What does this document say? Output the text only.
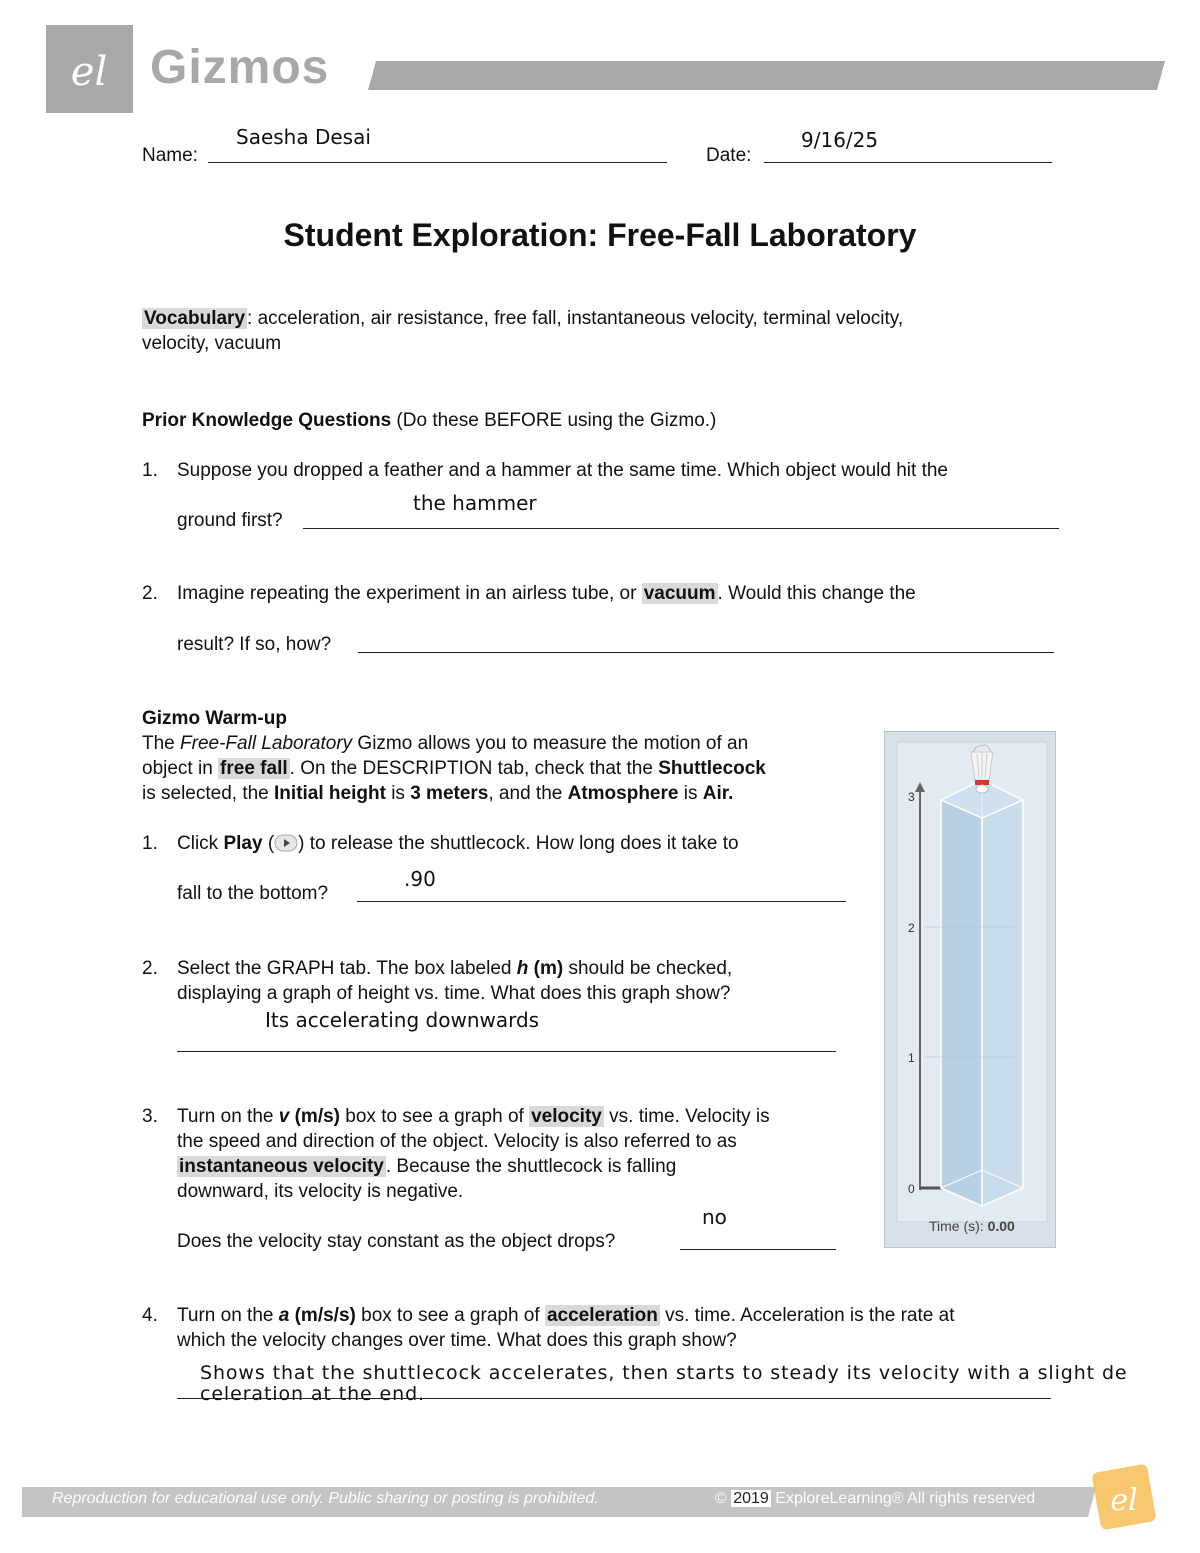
el Gizmos
Name:
Saesha Desai
Date:
9/16/25
Student Exploration: Free-Fall Laboratory
Vocabulary : acceleration, air resistance, free fall, instantaneous velocity, terminal velocity,
velocity, vacuum
Prior Knowledge Questions (Do these BEFORE using the Gizmo.)
1. Suppose you dropped a feather and a hammer at the same time. Which object would hit the
ground first?
the hammer
2. Imagine repeating the experiment in an airless tube, or vacuum . Would this change the
result? If so, how?
Gizmo Warm-up
The Free-Fall Laboratory Gizmo allows you to measure the motion of an
object in free fall . On the DESCRIPTION tab, check that the Shuttlecock
is selected, the Initial height is 3 meters, and the Atmosphere is Air.
1. Click Play ( ) to release the shuttlecock. How long does it take to
fall to the bottom?
.90
2. Select the GRAPH tab. The box labeled h (m) should be checked,
displaying a graph of height vs. time. What does this graph show?
Its accelerating downwards
3. Turn on the v (m/s) box to see a graph of velocity vs. time. Velocity is
the speed and direction of the object. Velocity is also referred to as
instantaneous velocity . Because the shuttlecock is falling
downward, its velocity is negative.
Does the velocity stay constant as the object drops?
no
4. Turn on the a (m/s/s) box to see a graph of acceleration vs. time. Acceleration is the rate at
which the velocity changes over time. What does this graph show?
Shows that the shuttlecock accelerates, then starts to steady its velocity with a slight de
celeration at the end.
3
2
1
0
Time (s): 0.00
Reproduction for educational use only. Public sharing or posting is prohibited.	© 2019 ExploreLearning® All rights reserved	el
